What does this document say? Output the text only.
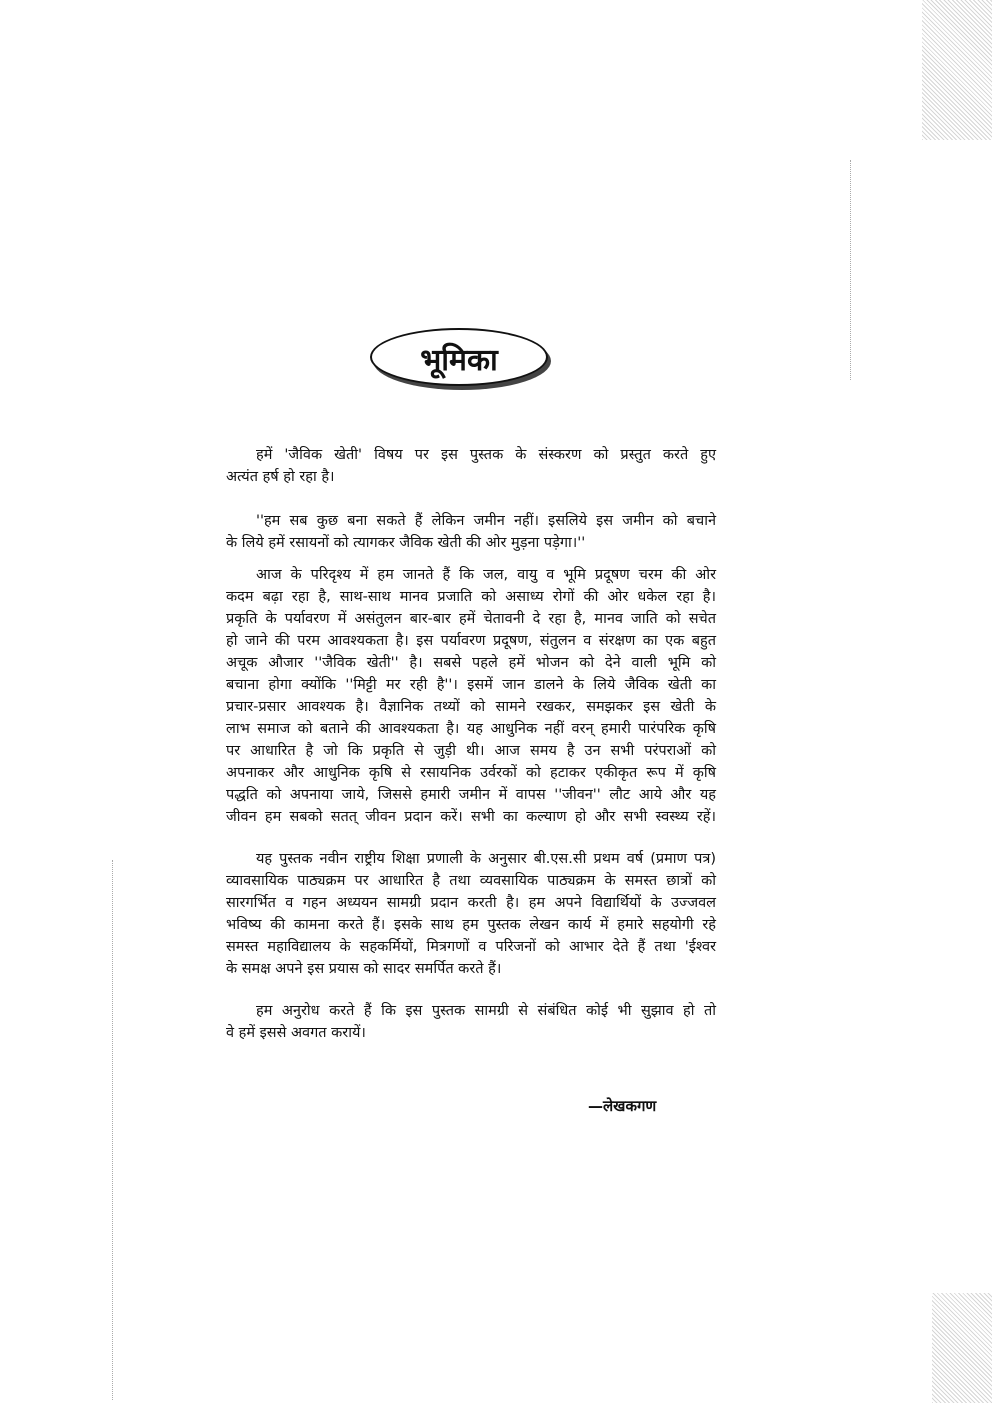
भूमिका
हमें 'जैविक खेती' विषय पर इस पुस्तक के संस्करण को प्रस्तुत करते हुए
अत्यंत हर्ष हो रहा है।
''हम सब कुछ बना सकते हैं लेकिन जमीन नहीं। इसलिये इस जमीन को बचाने
के लिये हमें रसायनों को त्यागकर जैविक खेती की ओर मुड़ना पड़ेगा।''
आज के परिदृश्य में हम जानते हैं कि जल, वायु व भूमि प्रदूषण चरम की ओर
कदम बढ़ा रहा है, साथ-साथ मानव प्रजाति को असाध्य रोगों की ओर धकेल रहा है।
प्रकृति के पर्यावरण में असंतुलन बार-बार हमें चेतावनी दे रहा है, मानव जाति को सचेत
हो जाने की परम आवश्यकता है। इस पर्यावरण प्रदूषण, संतुलन व संरक्षण का एक बहुत
अचूक औजार ''जैविक खेती'' है। सबसे पहले हमें भोजन को देने वाली भूमि को
बचाना होगा क्योंकि ''मिट्टी मर रही है''। इसमें जान डालने के लिये जैविक खेती का
प्रचार-प्रसार आवश्यक है। वैज्ञानिक तथ्यों को सामने रखकर, समझकर इस खेती के
लाभ समाज को बताने की आवश्यकता है। यह आधुनिक नहीं वरन् हमारी पारंपरिक कृषि
पर आधारित है जो कि प्रकृति से जुड़ी थी। आज समय है उन सभी परंपराओं को
अपनाकर और आधुनिक कृषि से रसायनिक उर्वरकों को हटाकर एकीकृत रूप में कृषि
पद्धति को अपनाया जाये, जिससे हमारी जमीन में वापस ''जीवन'' लौट आये और यह
जीवन हम सबको सतत् जीवन प्रदान करें। सभी का कल्याण हो और सभी स्वस्थ्य रहें।
यह पुस्तक नवीन राष्ट्रीय शिक्षा प्रणाली के अनुसार बी.एस.सी प्रथम वर्ष (प्रमाण पत्र)
व्यावसायिक पाठ्यक्रम पर आधारित है तथा व्यवसायिक पाठ्यक्रम के समस्त छात्रों को
सारगर्भित व गहन अध्ययन सामग्री प्रदान करती है। हम अपने विद्यार्थियों के उज्जवल
भविष्य की कामना करते हैं। इसके साथ हम पुस्तक लेखन कार्य में हमारे सहयोगी रहे
समस्त महाविद्यालय के सहकर्मियों, मित्रगणों व परिजनों को आभार देते हैं तथा 'ईश्वर
के समक्ष अपने इस प्रयास को सादर समर्पित करते हैं।
हम अनुरोध करते हैं कि इस पुस्तक सामग्री से संबंधित कोई भी सुझाव हो तो
वे हमें इससे अवगत करायें।
—लेखकगण
